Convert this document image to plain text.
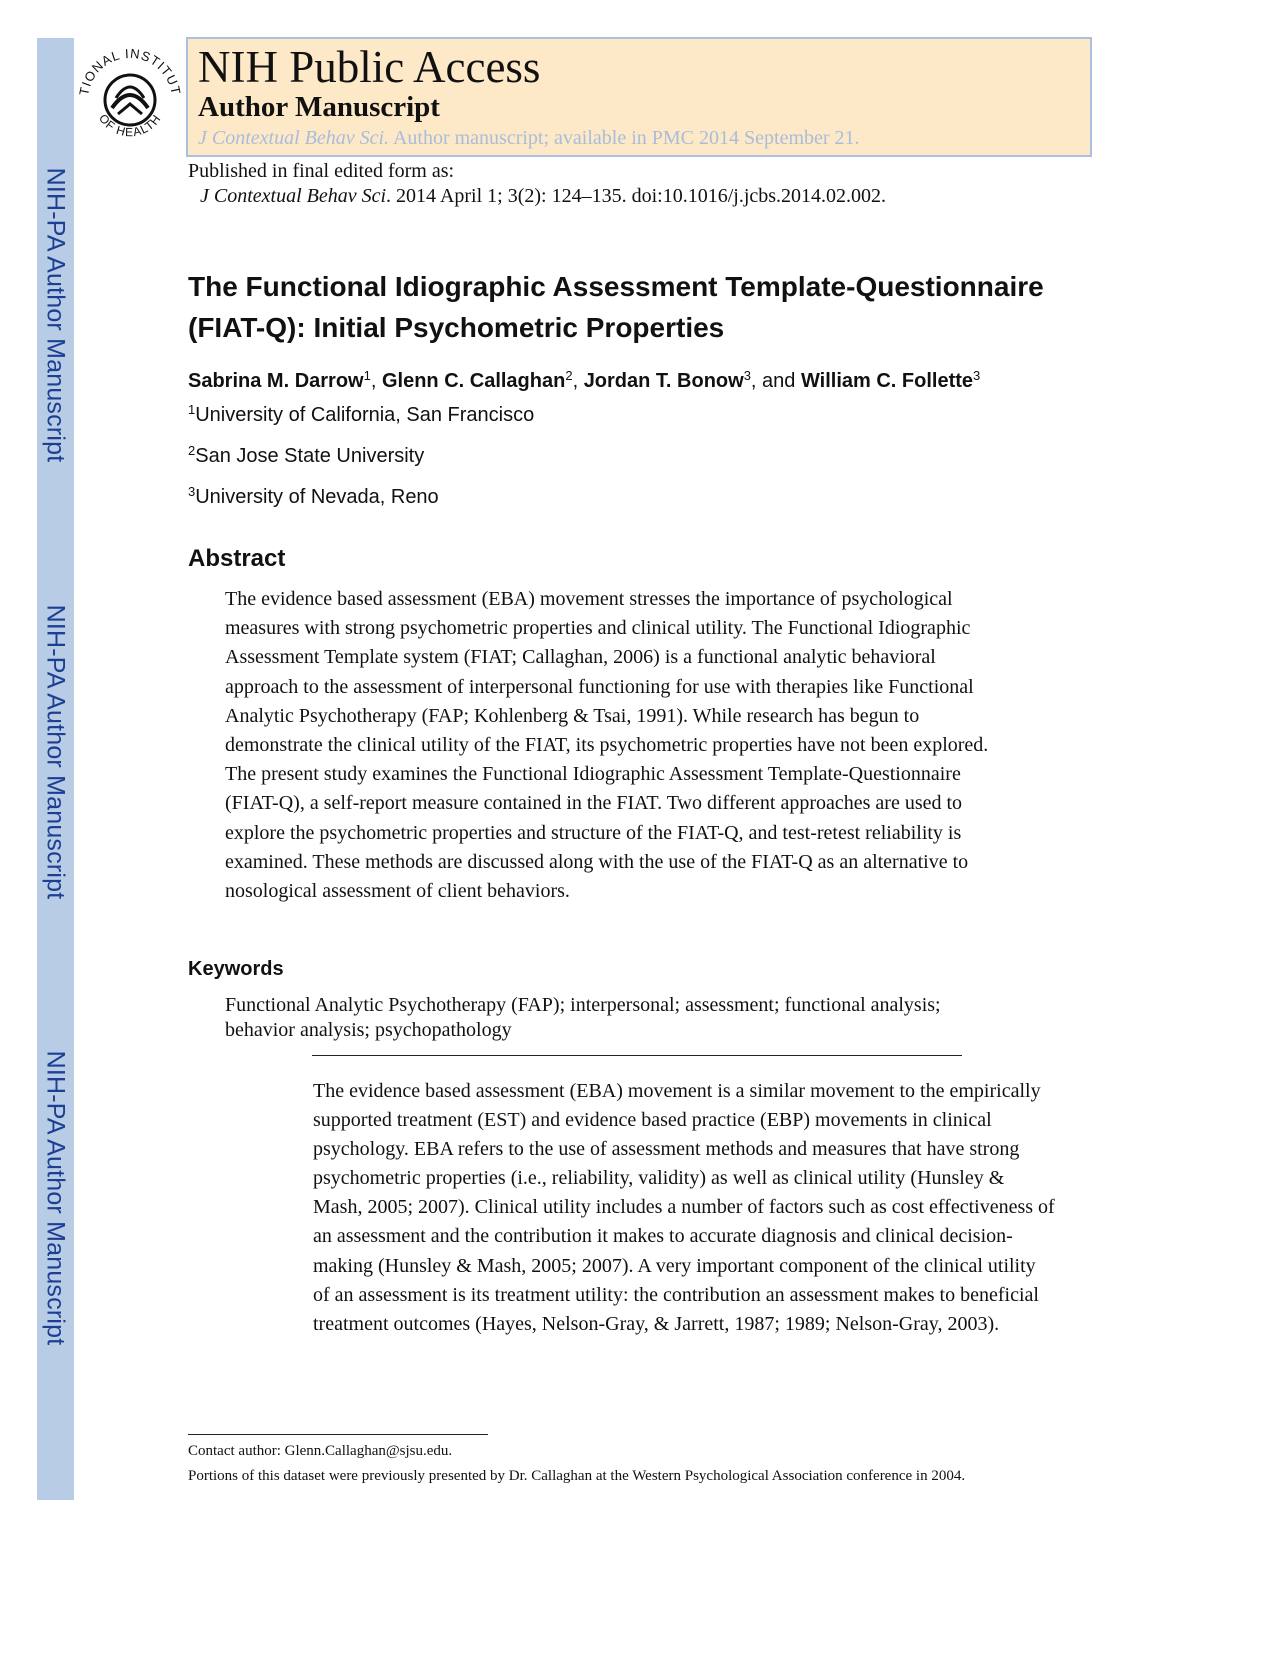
NIH-PA Author Manuscript
NIH-PA Author Manuscript
NIH-PA Author Manuscript
TIONAL INSTITUT
OF HEALTH
NIH Public Access
Author Manuscript
J Contextual Behav Sci. Author manuscript; available in PMC 2014 September 21.
Published in final edited form as:
J Contextual Behav Sci. 2014 April 1; 3(2): 124–135. doi:10.1016/j.jcbs.2014.02.002.
The Functional Idiographic Assessment Template-Questionnaire
(FIAT-Q): Initial Psychometric Properties
Sabrina M. Darrow$^1$, Glenn C. Callaghan$^2$, Jordan T. Bonow$^3$, and William C. Follette$^3$
$^1$University of California, San Francisco
$^2$San Jose State University
$^3$University of Nevada, Reno
Abstract
The evidence based assessment (EBA) movement stresses the importance of psychological
measures with strong psychometric properties and clinical utility. The Functional Idiographic
Assessment Template system (FIAT; Callaghan, 2006) is a functional analytic behavioral
approach to the assessment of interpersonal functioning for use with therapies like Functional
Analytic Psychotherapy (FAP; Kohlenberg & Tsai, 1991). While research has begun to
demonstrate the clinical utility of the FIAT, its psychometric properties have not been explored.
The present study examines the Functional Idiographic Assessment Template-Questionnaire
(FIAT-Q), a self-report measure contained in the FIAT. Two different approaches are used to
explore the psychometric properties and structure of the FIAT-Q, and test-retest reliability is
examined. These methods are discussed along with the use of the FIAT-Q as an alternative to
nosological assessment of client behaviors.
Keywords
Functional Analytic Psychotherapy (FAP); interpersonal; assessment; functional analysis;
behavior analysis; psychopathology
The evidence based assessment (EBA) movement is a similar movement to the empirically
supported treatment (EST) and evidence based practice (EBP) movements in clinical
psychology. EBA refers to the use of assessment methods and measures that have strong
psychometric properties (i.e., reliability, validity) as well as clinical utility (Hunsley &
Mash, 2005; 2007). Clinical utility includes a number of factors such as cost effectiveness of
an assessment and the contribution it makes to accurate diagnosis and clinical decision-
making (Hunsley & Mash, 2005; 2007). A very important component of the clinical utility
of an assessment is its treatment utility: the contribution an assessment makes to beneficial
treatment outcomes (Hayes, Nelson-Gray, & Jarrett, 1987; 1989; Nelson-Gray, 2003).
Contact author: Glenn.Callaghan@sjsu.edu.
Portions of this dataset were previously presented by Dr. Callaghan at the Western Psychological Association conference in 2004.
